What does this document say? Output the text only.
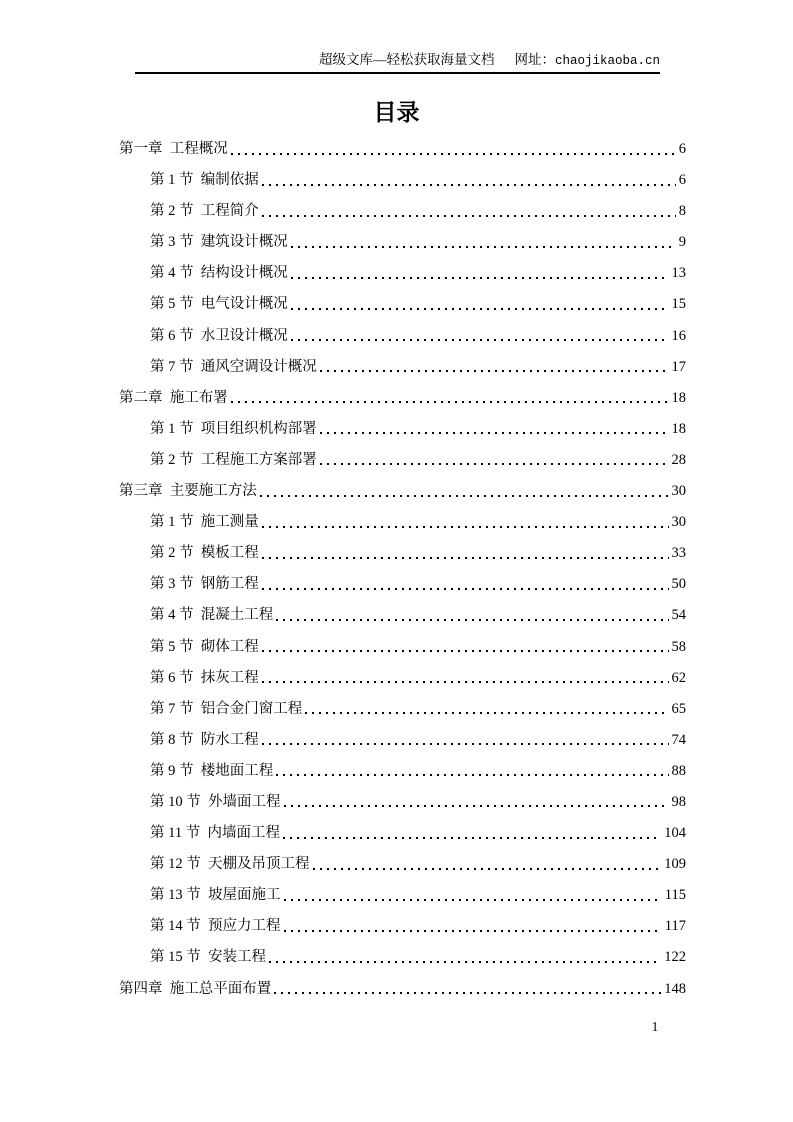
超级文库—轻松获取海量文档 网址：chaojikaoba.cn
目录
第一章  工程概况	6
第 1 节  编制依据	6
第 2 节  工程简介	8
第 3 节  建筑设计概况	9
第 4 节  结构设计概况	13
第 5 节  电气设计概况	15
第 6 节  水卫设计概况	16
第 7 节  通风空调设计概况	17
第二章  施工布署	18
第 1 节  项目组织机构部署	18
第 2 节  工程施工方案部署	28
第三章  主要施工方法	30
第 1 节  施工测量	30
第 2 节  模板工程	33
第 3 节  钢筋工程	50
第 4 节  混凝土工程	54
第 5 节  砌体工程	58
第 6 节  抹灰工程	62
第 7 节  铝合金门窗工程	65
第 8 节  防水工程	74
第 9 节  楼地面工程	88
第 10 节  外墙面工程	98
第 11 节  内墙面工程	104
第 12 节  天棚及吊顶工程	109
第 13 节  坡屋面施工	115
第 14 节  预应力工程	117
第 15 节  安装工程	122
第四章  施工总平面布置	148
1
